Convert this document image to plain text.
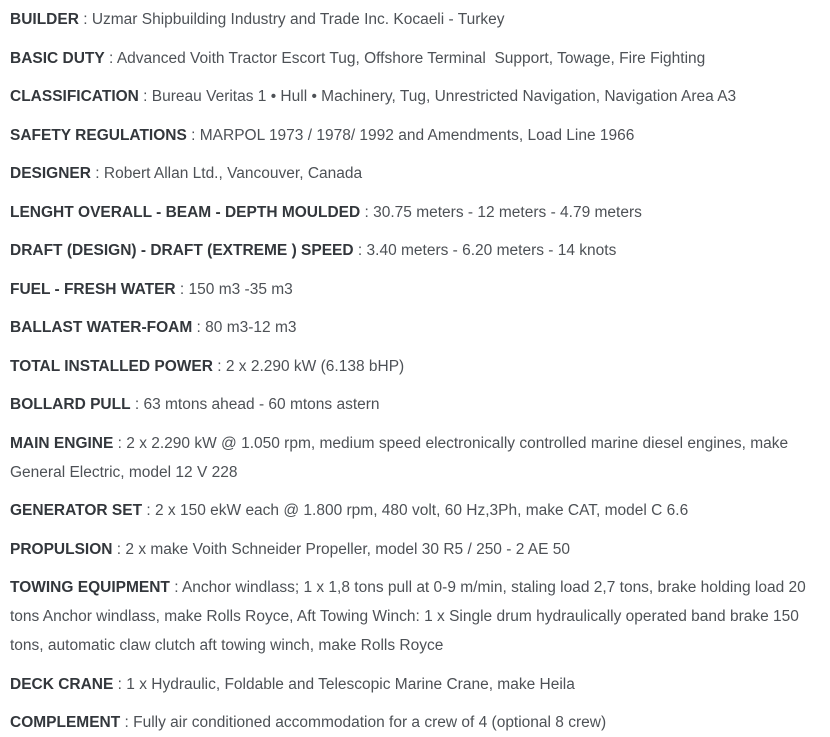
BUILDER : Uzmar Shipbuilding Industry and Trade Inc. Kocaeli - Turkey

BASIC DUTY : Advanced Voith Tractor Escort Tug, Offshore Terminal  Support, Towage, Fire Fighting

CLASSIFICATION : Bureau Veritas 1 • Hull • Machinery, Tug, Unrestricted Navigation, Navigation Area A3

SAFETY REGULATIONS : MARPOL 1973 / 1978/ 1992 and Amendments, Load Line 1966

DESIGNER : Robert Allan Ltd., Vancouver, Canada

LENGHT OVERALL - BEAM - DEPTH MOULDED : 30.75 meters - 12 meters - 4.79 meters

DRAFT (DESIGN) - DRAFT (EXTREME ) SPEED : 3.40 meters - 6.20 meters - 14 knots

FUEL - FRESH WATER : 150 m3 -35 m3

BALLAST WATER-FOAM : 80 m3-12 m3

TOTAL INSTALLED POWER : 2 x 2.290 kW (6.138 bHP)

BOLLARD PULL : 63 mtons ahead - 60 mtons astern

MAIN ENGINE : 2 x 2.290 kW @ 1.050 rpm, medium speed electronically controlled marine diesel engines, make General Electric, model 12 V 228

GENERATOR SET : 2 x 150 ekW each @ 1.800 rpm, 480 volt, 60 Hz,3Ph, make CAT, model C 6.6

PROPULSION : 2 x make Voith Schneider Propeller, model 30 R5 / 250 - 2 AE 50

TOWING EQUIPMENT : Anchor windlass; 1 x 1,8 tons pull at 0-9 m/min, staling load 2,7 tons, brake holding load 20 tons Anchor windlass, make Rolls Royce, Aft Towing Winch: 1 x Single drum hydraulically operated band brake 150 tons, automatic claw clutch aft towing winch, make Rolls Royce

DECK CRANE : 1 x Hydraulic, Foldable and Telescopic Marine Crane, make Heila

COMPLEMENT : Fully air conditioned accommodation for a crew of 4 (optional 8 crew)
